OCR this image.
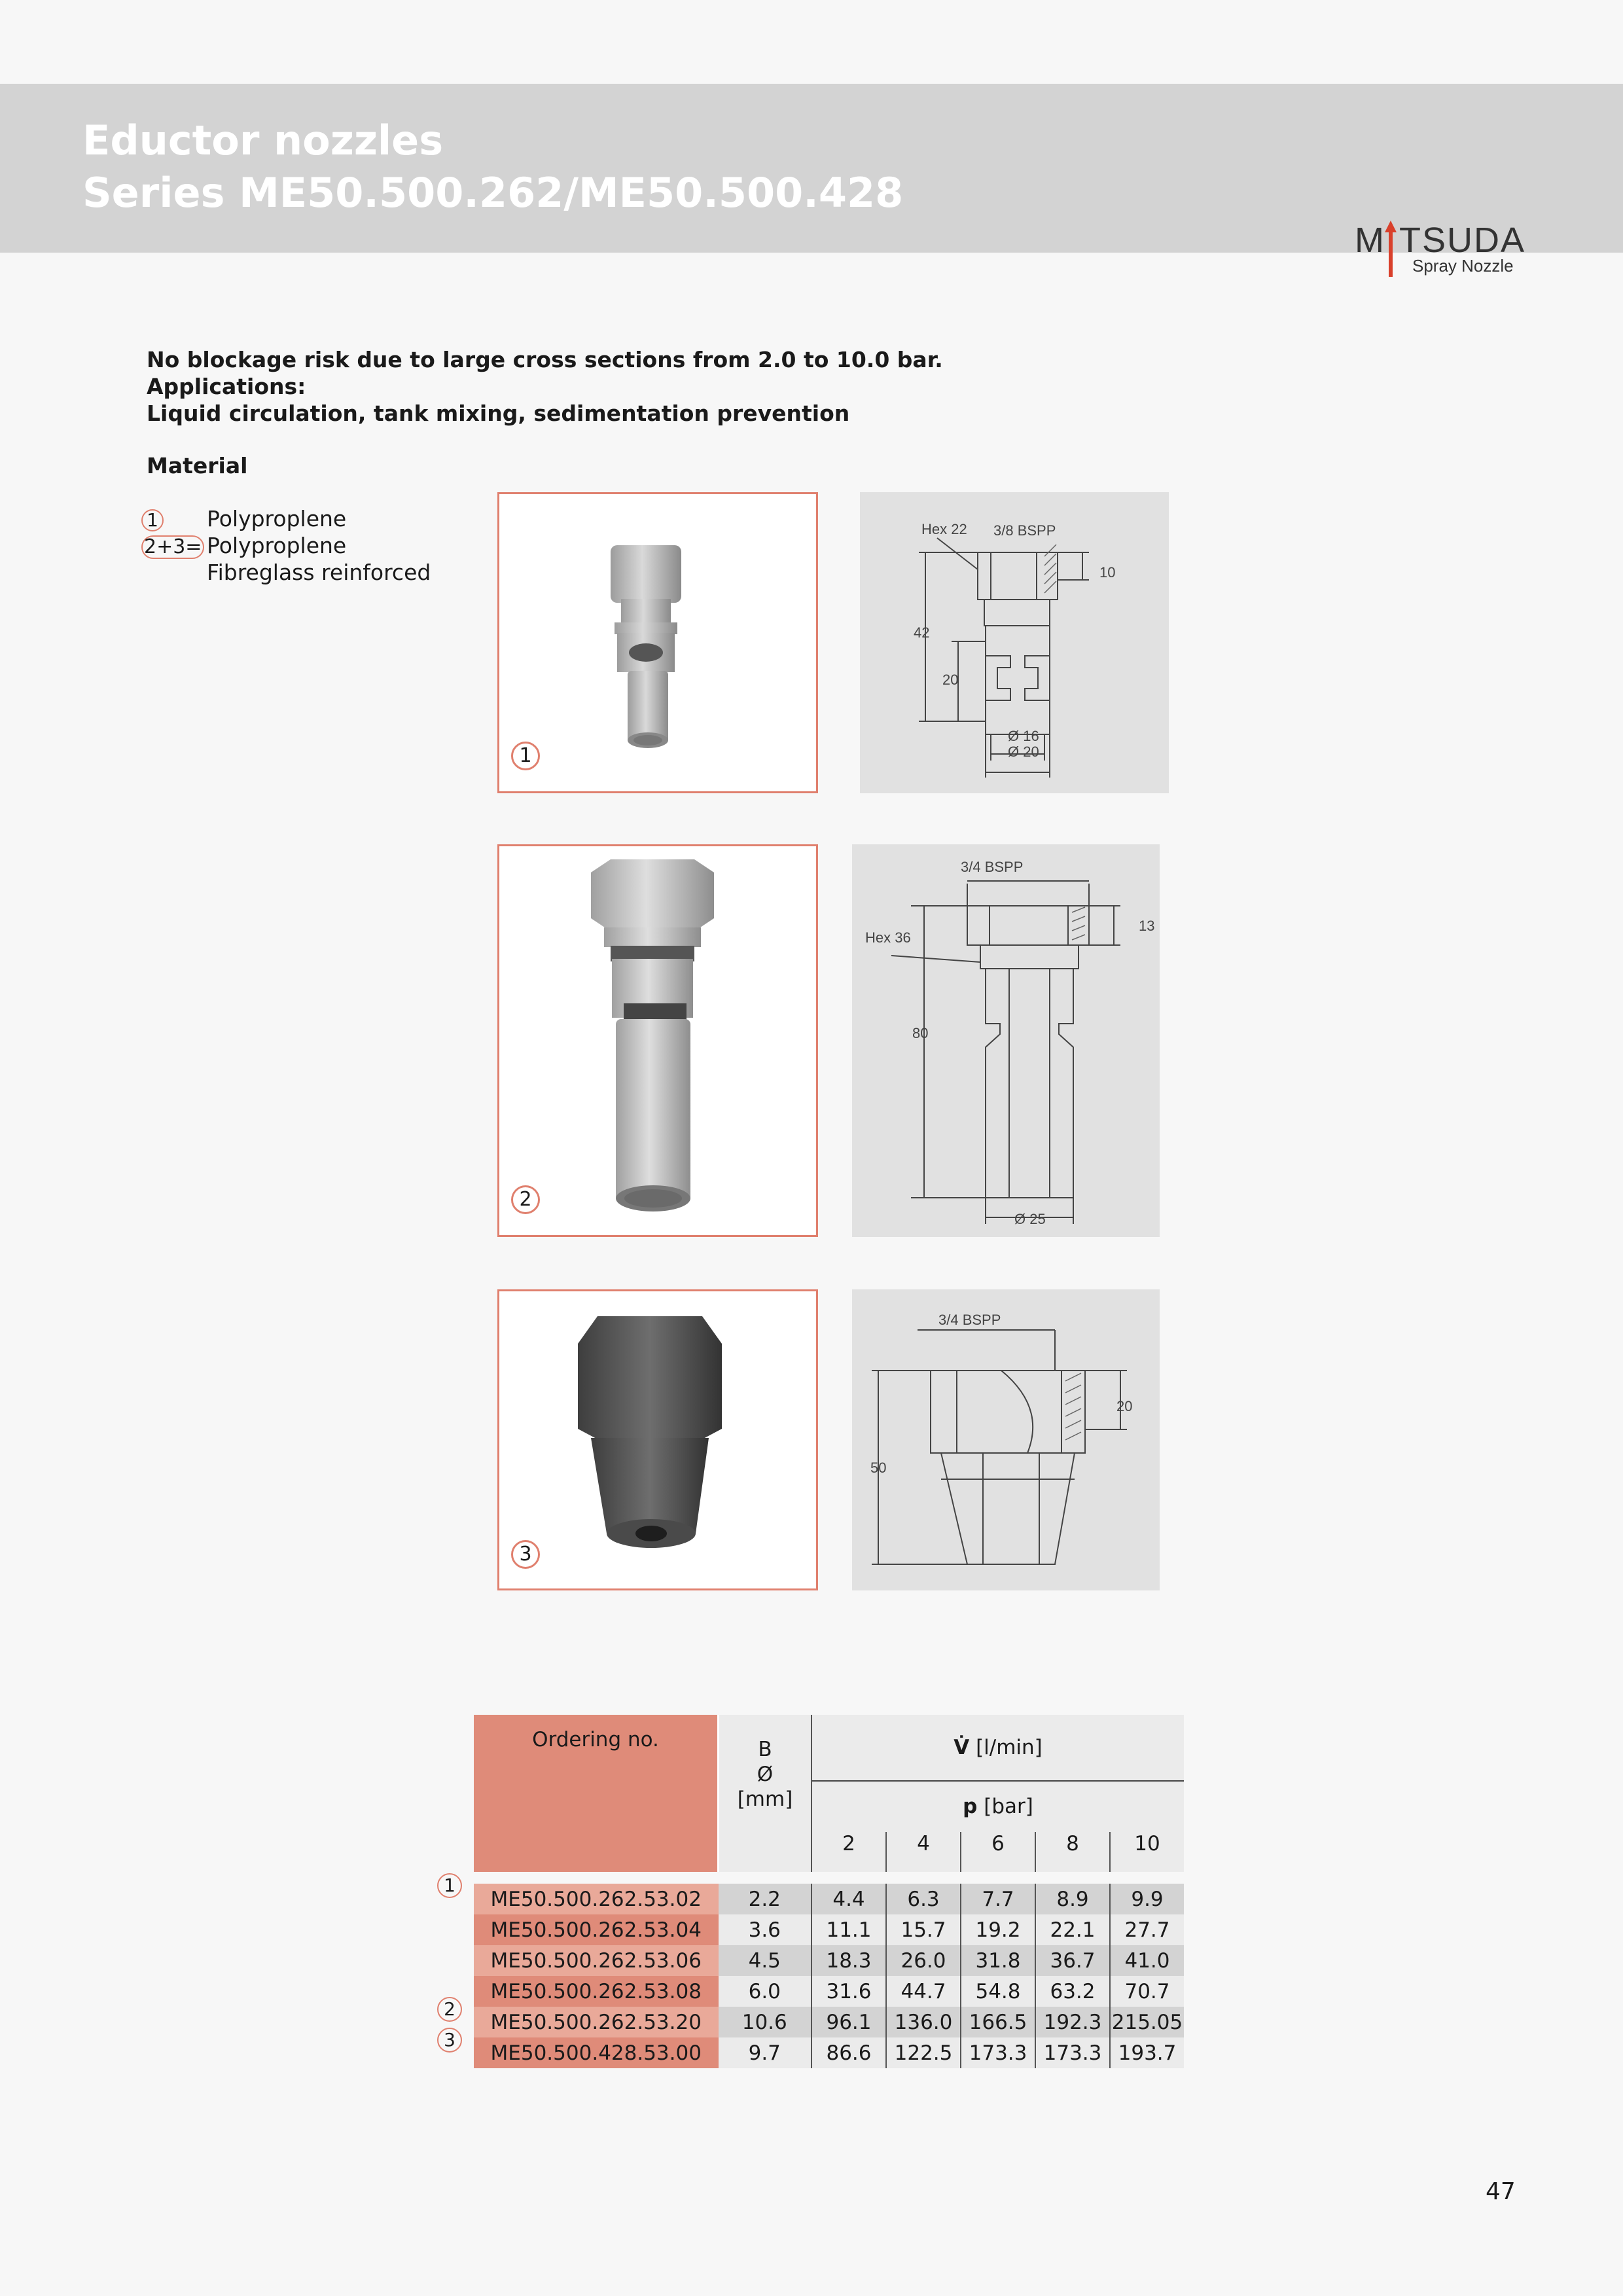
Eductor nozzles
Series ME50.500.262/ME50.500.428
M TSUDA
Spray Nozzle
No blockage risk due to large cross sections from 2.0 to 10.0 bar.
Applications:
Liquid circulation, tank mixing, sedimentation prevention
Material
1 Polyproplene
2+3= Polyproplene
Fibreglass reinforced
1
Hex 22 3/8 BSPP
10
42
20
Ø 16
Ø 20
2
3/4 BSPP
Hex 36
13
80
Ø 25
3
3/4 BSPP
20
50
Ordering no.	B
Ø
[mm]	V̇ [l/min]				
		p [bar]				
		2	4	6	8	10

ME50.500.262.53.02	2.2	4.4	6.3	7.7	8.9	9.9
ME50.500.262.53.04	3.6	11.1	15.7	19.2	22.1	27.7
ME50.500.262.53.06	4.5	18.3	26.0	31.8	36.7	41.0
ME50.500.262.53.08	6.0	31.6	44.7	54.8	63.2	70.7
ME50.500.262.53.20	10.6	96.1	136.0	166.5	192.3	215.05
ME50.500.428.53.00	9.7	86.6	122.5	173.3	173.3	193.7
1
2
3
47
